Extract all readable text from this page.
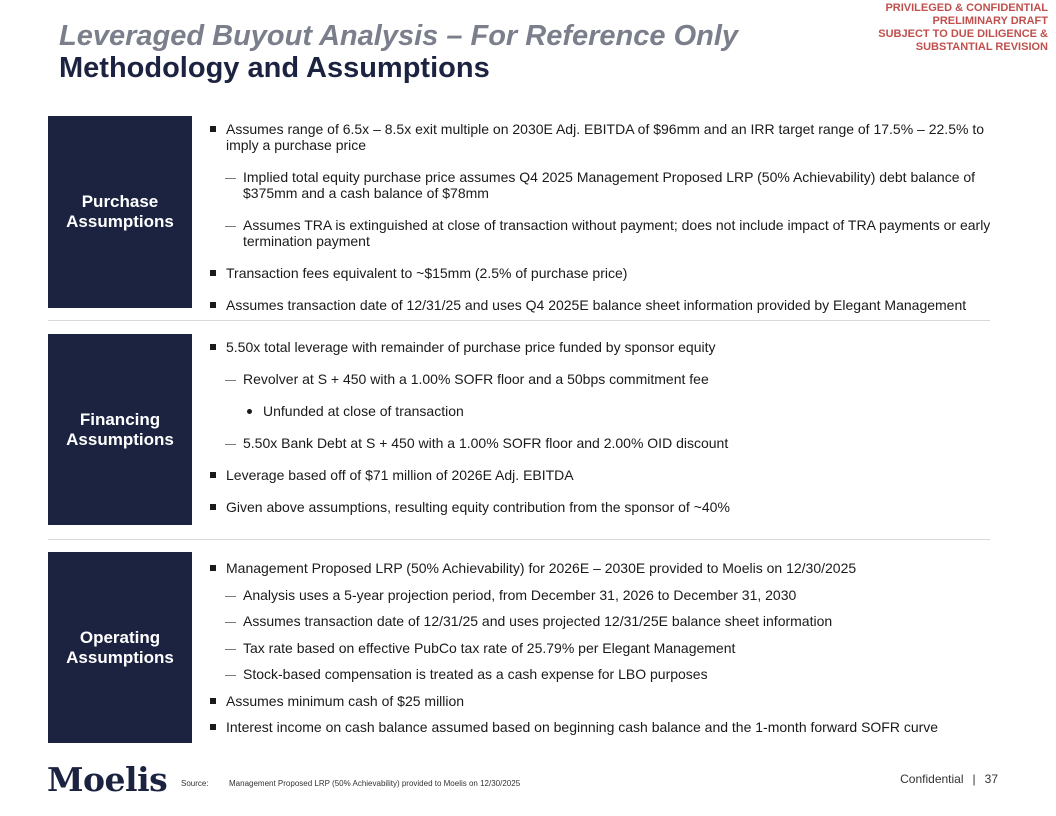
Leveraged Buyout Analysis – For Reference Only
Methodology and Assumptions
PRIVILEGED & CONFIDENTIAL
PRELIMINARY DRAFT
SUBJECT TO DUE DILIGENCE &
SUBSTANTIAL REVISION
Purchase
Assumptions
Assumes range of 6.5x – 8.5x exit multiple on 2030E Adj. EBITDA of $96mm and an IRR target range of 17.5% – 22.5% to imply a purchase price
Implied total equity purchase price assumes Q4 2025 Management Proposed LRP (50% Achievability) debt balance of $375mm and a cash balance of $78mm
Assumes TRA is extinguished at close of transaction without payment; does not include impact of TRA payments or early termination payment
Transaction fees equivalent to ~$15mm (2.5% of purchase price)
Assumes transaction date of 12/31/25 and uses Q4 2025E balance sheet information provided by Elegant Management
Financing
Assumptions
5.50x total leverage with remainder of purchase price funded by sponsor equity
Revolver at S + 450 with a 1.00% SOFR floor and a 50bps commitment fee
Unfunded at close of transaction
5.50x Bank Debt at S + 450 with a 1.00% SOFR floor and 2.00% OID discount
Leverage based off of $71 million of 2026E Adj. EBITDA
Given above assumptions, resulting equity contribution from the sponsor of ~40%
Operating
Assumptions
Management Proposed LRP (50% Achievability) for 2026E – 2030E provided to Moelis on 12/30/2025
Analysis uses a 5-year projection period, from December 31, 2026 to December 31, 2030
Assumes transaction date of 12/31/25 and uses projected 12/31/25E balance sheet information
Tax rate based on effective PubCo tax rate of 25.79% per Elegant Management
Stock-based compensation is treated as a cash expense for LBO purposes
Assumes minimum cash of $25 million
Interest income on cash balance assumed based on beginning cash balance and the 1-month forward SOFR curve
Moelis Source:	Management Proposed LRP (50% Achievability) provided to Moelis on 12/30/2025	Confidential | 37
